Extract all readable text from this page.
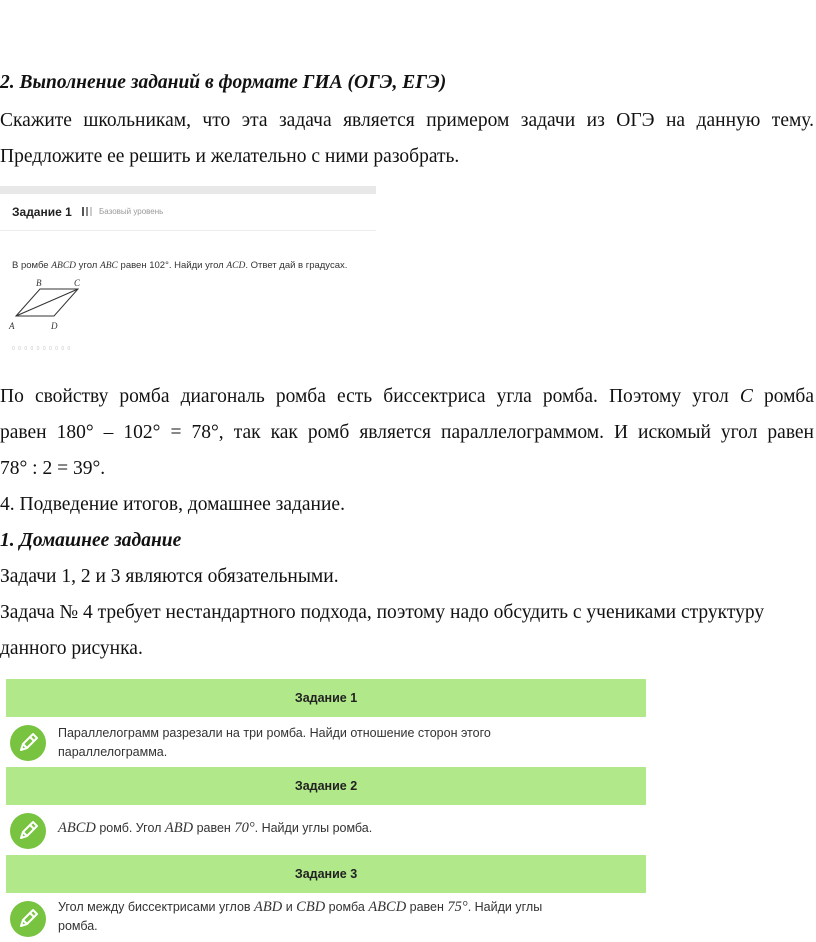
2. Выполнение заданий в формате ГИА (ОГЭ, ЕГЭ)
Скажите школьникам, что эта задача является примером задачи из ОГЭ на данную тему.
Предложите ее решить и желательно с ними разобрать.
Задание 1	Базовый уровень
В ромбе ABCD угол ABC равен 102°. Найди угол ACD. Ответ дай в градусах.
A
B	C
D
0 0 0 0 0 0 0 0 0 0
По свойству ромба диагональ ромба есть биссектриса угла ромба. Поэтому угол C ромба
равен 180° – 102° = 78°, так как ромб является параллелограммом. И искомый угол равен
78° : 2 = 39°.
4. Подведение итогов, домашнее задание.
1. Домашнее задание
Задачи 1, 2 и 3 являются обязательными.
Задача № 4 требует нестандартного подхода, поэтому надо обсудить с учениками структуру
данного рисунка.
Задание 1
Параллелограмм разрезали на три ромба. Найди отношение сторон этого
параллелограмма.
Задание 2
ABCD ромб. Угол ABD равен 70°. Найди углы ромба.
Задание 3
Угол между биссектрисами углов ABD и CBD ромба ABCD равен 75°. Найди углы
ромба.
